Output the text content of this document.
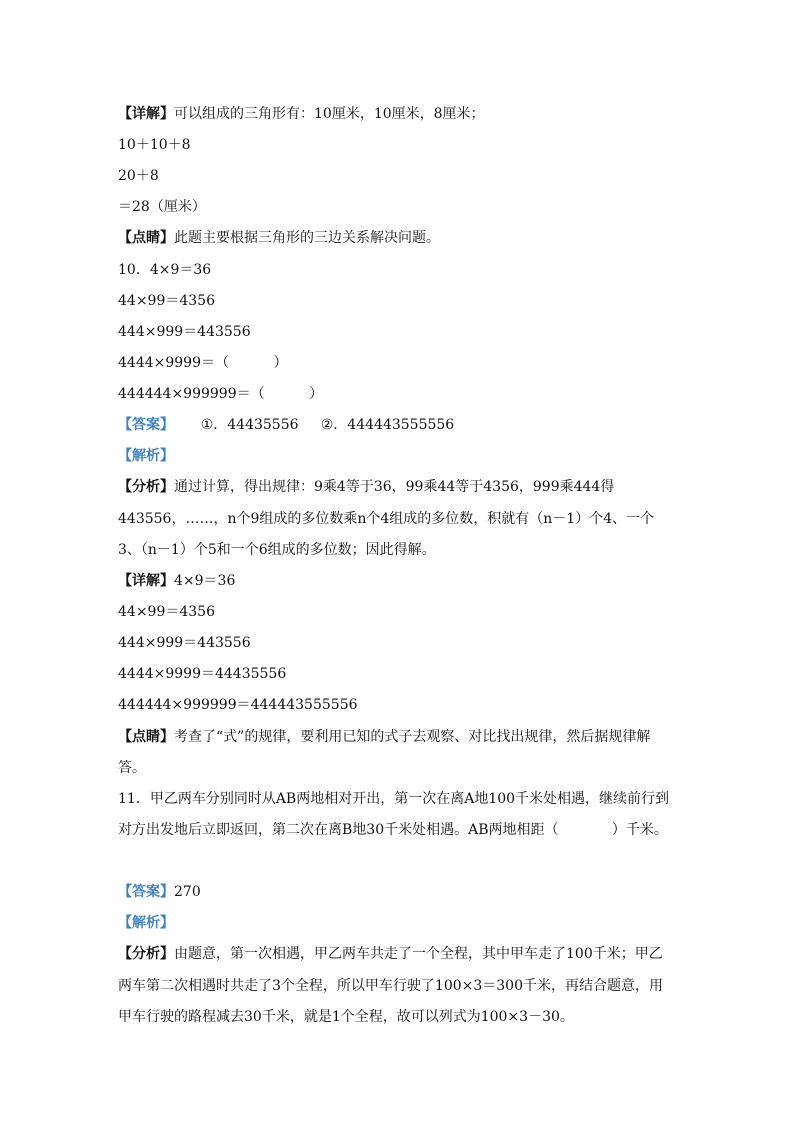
【详解】可以组成的三角形有：10厘米，10厘米，8厘米；

10＋10＋8

20＋8

＝28（厘米）

【点睛】此题主要根据三角形的三边关系解决问题。

10．4×9＝36

44×99＝4356

444×999＝443556

4444×9999＝（          ）

444444×999999＝（          ）

【答案】      ①．44435556     ②．444443555556

【解析】

【分析】通过计算，得出规律：9乘4等于36，99乘44等于4356，999乘444得

443556，……，n个9组成的多位数乘n个4组成的多位数，积就有（n－1）个4、一个

3、（n－1）个5和一个6组成的多位数；因此得解。

【详解】4×9＝36

44×99＝4356

444×999＝443556

4444×9999＝44435556

444444×999999＝444443555556

【点睛】考查了“式”的规律，要利用已知的式子去观察、对比找出规律，然后据规律解

答。

11．甲乙两车分别同时从AB两地相对开出，第一次在离A地100千米处相遇，继续前行到

对方出发地后立即返回，第二次在离B地30千米处相遇。AB两地相距（            ）千米。

【答案】270

【解析】

【分析】由题意，第一次相遇，甲乙两车共走了一个全程，其中甲车走了100千米；甲乙

两车第二次相遇时共走了3个全程，所以甲车行驶了100×3＝300千米，再结合题意，用

甲车行驶的路程减去30千米，就是1个全程，故可以列式为100×3－30。
